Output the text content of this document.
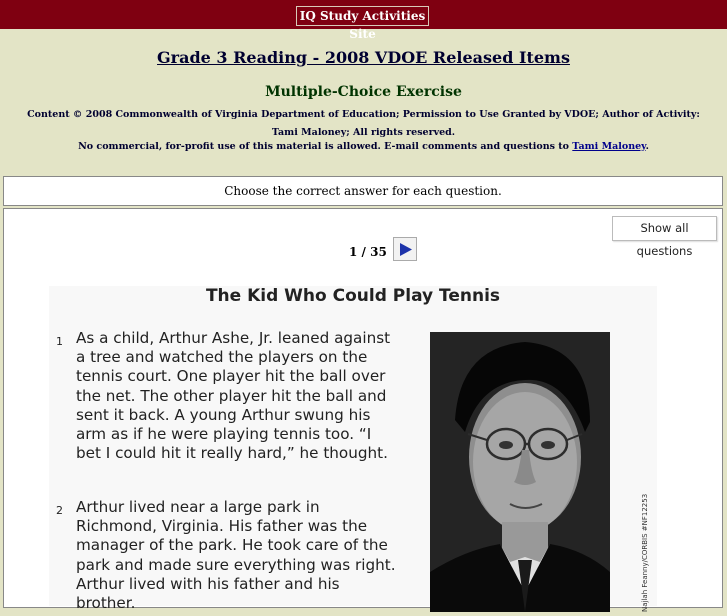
IQ Study Activities Site
Grade 3 Reading - 2008 VDOE Released Items
Multiple-Choice Exercise
Content © 2008 Commonwealth of Virginia Department of Education; Permission to Use Granted by VDOE; Author of Activity: Tami Maloney; All rights reserved.
No commercial, for-profit use of this material is allowed. E-mail comments and questions to Tami Maloney.
Choose the correct answer for each question.
Show all questions
1 / 35
The Kid Who Could Play Tennis
1 As a child, Arthur Ashe, Jr. leaned against a tree and watched the players on the tennis court. One player hit the ball over the net. The other player hit the ball and sent it back. A young Arthur swung his arm as if he were playing tennis too. “I bet I could hit it really hard,” he thought.
2 Arthur lived near a large park in Richmond, Virginia. His father was the manager of the park. He took care of the park and made sure everything was right. Arthur lived with his father and his brother.	Najlah Feanny/CORBIS #NF12253
